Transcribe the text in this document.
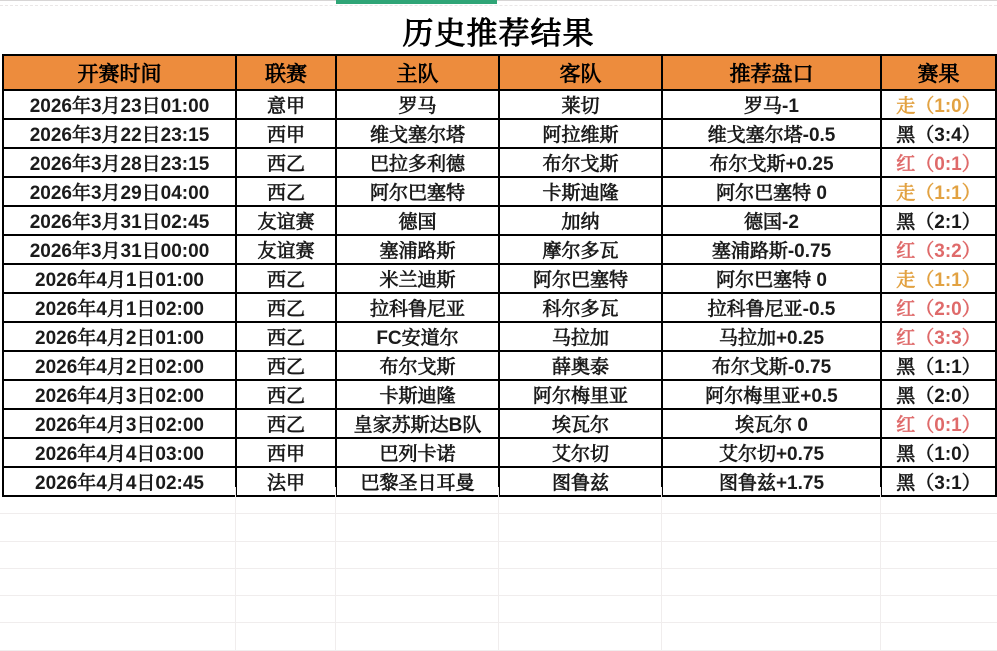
历史推荐结果
开赛时间	联赛	主队	客队	推荐盘口	赛果
2026年3月23日01:00	意甲	罗马	莱切	罗马-1	走（1:0）
2026年3月22日23:15	西甲	维戈塞尔塔	阿拉维斯	维戈塞尔塔-0.5	黑（3:4）
2026年3月28日23:15	西乙	巴拉多利德	布尔戈斯	布尔戈斯+0.25	红（0:1）
2026年3月29日04:00	西乙	阿尔巴塞特	卡斯迪隆	阿尔巴塞特 0	走（1:1）
2026年3月31日02:45	友谊赛	德国	加纳	德国-2	黑（2:1）
2026年3月31日00:00	友谊赛	塞浦路斯	摩尔多瓦	塞浦路斯-0.75	红（3:2）
2026年4月1日01:00	西乙	米兰迪斯	阿尔巴塞特	阿尔巴塞特 0	走（1:1）
2026年4月1日02:00	西乙	拉科鲁尼亚	科尔多瓦	拉科鲁尼亚-0.5	红（2:0）
2026年4月2日01:00	西乙	FC安道尔	马拉加	马拉加+0.25	红（3:3）
2026年4月2日02:00	西乙	布尔戈斯	薛奥泰	布尔戈斯-0.75	黑（1:1）
2026年4月3日02:00	西乙	卡斯迪隆	阿尔梅里亚	阿尔梅里亚+0.5	黑（2:0）
2026年4月3日02:00	西乙	皇家苏斯达B队	埃瓦尔	埃瓦尔 0	红（0:1）
2026年4月4日03:00	西甲	巴列卡诺	艾尔切	艾尔切+0.75	黑（1:0）
2026年4月4日02:45	法甲	巴黎圣日耳曼	图鲁兹	图鲁兹+1.75	黑（3:1）
